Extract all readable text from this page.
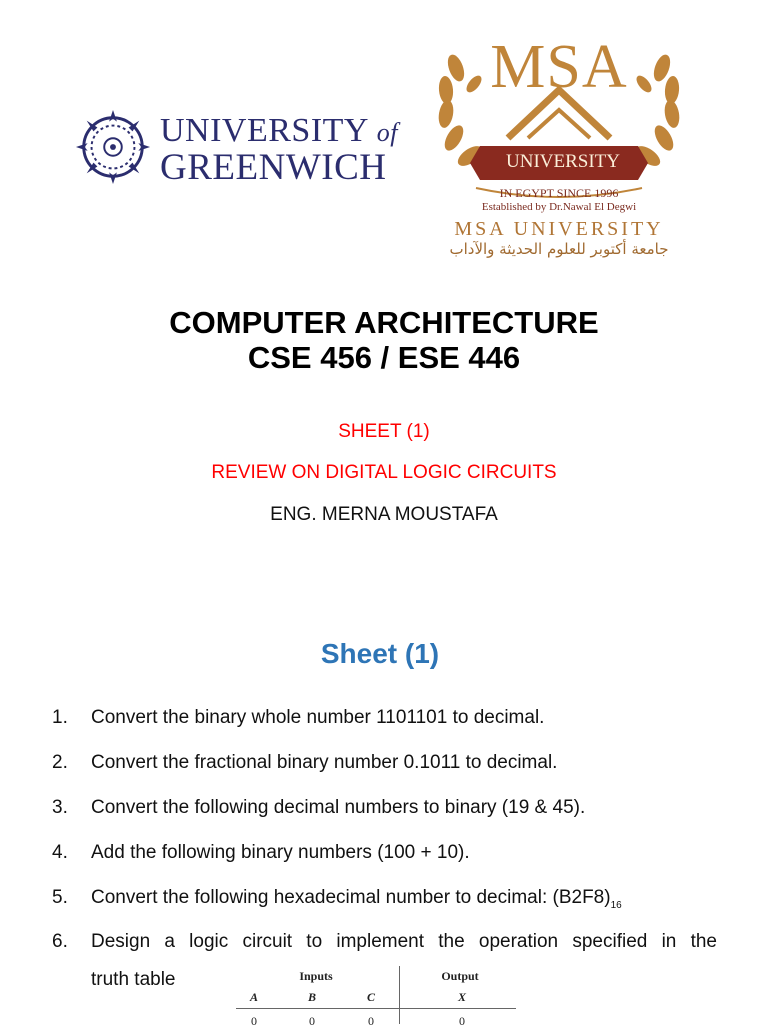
UNIVERSITY of
GREENWICH
MSA
UNIVERSITY
IN EGYPT SINCE 1996
Established by Dr.Nawal El Degwi
MSA UNIVERSITY
جامعة أكتوبر للعلوم الحديثة والآداب
COMPUTER ARCHITECTURE
CSE 456 / ESE 446
SHEET (1)
REVIEW ON DIGITAL LOGIC CIRCUITS
ENG. MERNA MOUSTAFA
Sheet (1)
1. Convert the binary whole number 1101101 to decimal.
2. Convert the fractional binary number 0.1011 to decimal.
3. Convert the following decimal numbers to binary (19 & 45).
4. Add the following binary numbers (100 + 10).
5. Convert the following hexadecimal number to decimal: $(B2F8)_{16}$
6. Design a logic circuit to implement the operation specified in the
truth table	Inputs	Output
A	B	C	X
0	0	0	0
